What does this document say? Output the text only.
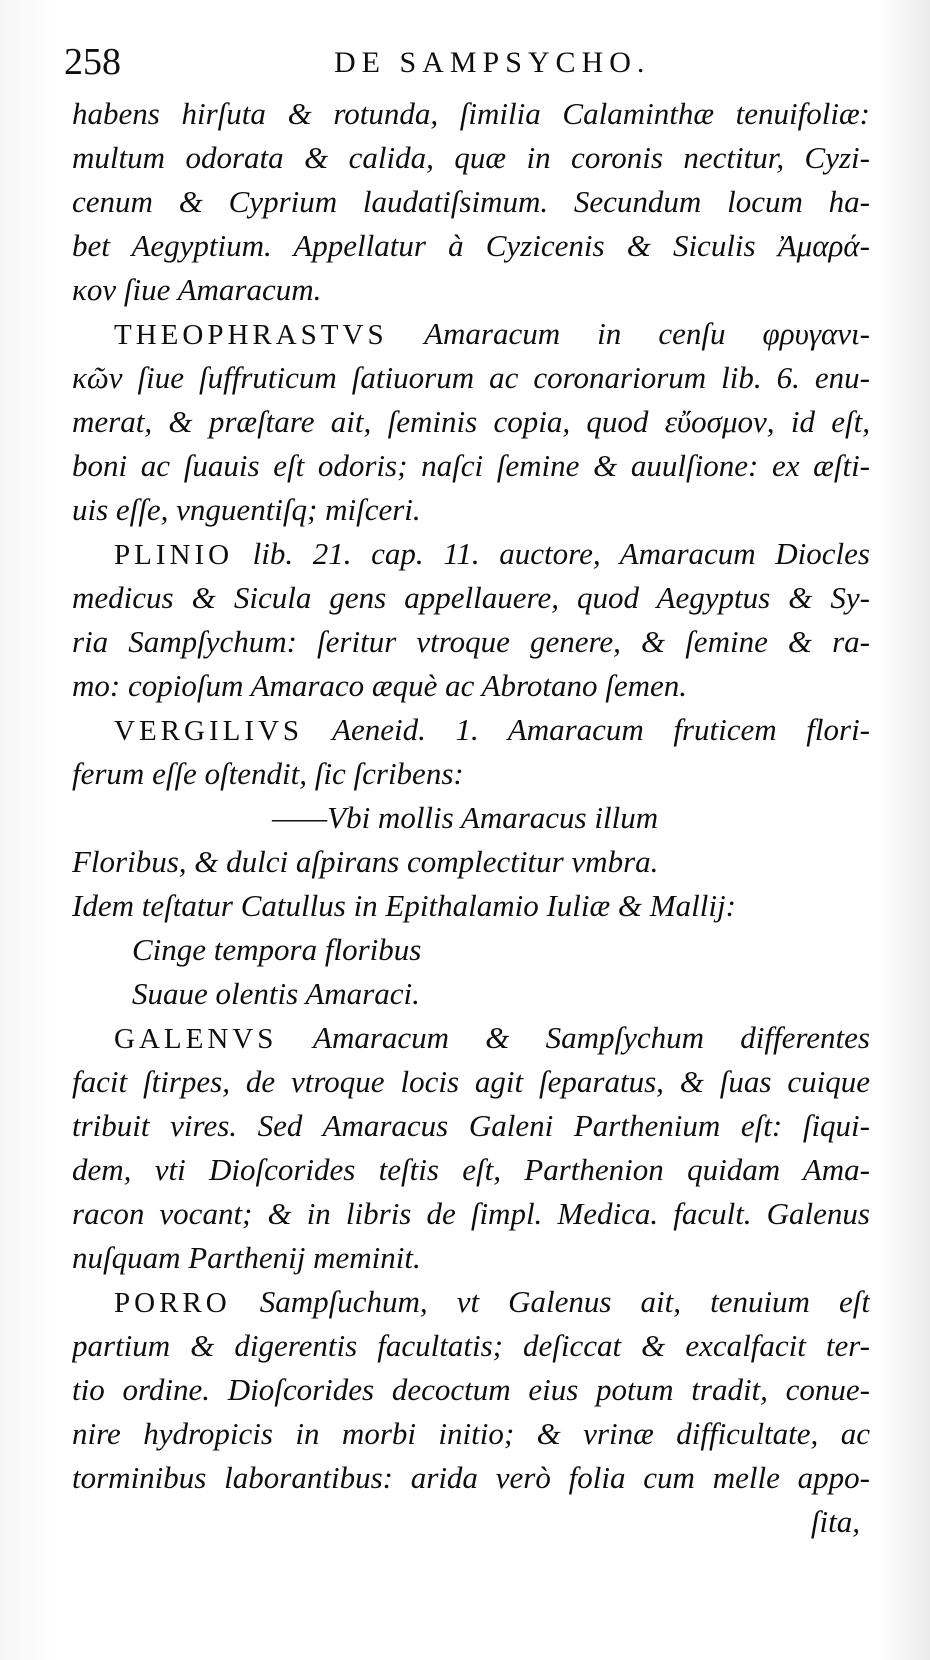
258	DE SAMPSYCHO.
habens hirſuta & rotunda, ſimilia Calaminthæ tenuifoliæ:
multum odorata & calida, quæ in coronis nectitur, Cyzi-
cenum & Cyprium laudatiſsimum. Secundum locum ha-
bet Aegyptium. Appellatur à Cyzicenis & Siculis Ἀμαρά-
κον ſiue Amaracum.
THEOPHRASTVS Amaracum in cenſu φρυγανι-
κῶν ſiue ſuffruticum ſatiuorum ac coronariorum lib. 6. enu-
merat, & præſtare ait, ſeminis copia, quod εὔοσμον, id eſt,
boni ac ſuauis eſt odoris; naſci ſemine & auulſione: ex æſti-
uis eſſe, vnguentiſq; miſceri.
PLINIO lib. 21. cap. 11. auctore, Amaracum Diocles
medicus & Sicula gens appellauere, quod Aegyptus & Sy-
ria Sampſychum: ſeritur vtroque genere, & ſemine & ra-
mo: copioſum Amaraco æquè ac Abrotano ſemen.
VERGILIVS Aeneid. 1. Amaracum fruticem flori-
ferum eſſe oſtendit, ſic ſcribens:
——Vbi mollis Amaracus illum
Floribus, & dulci aſpirans complectitur vmbra.
Idem teſtatur Catullus in Epithalamio Iuliæ & Mallij:
Cinge tempora floribus
Suaue olentis Amaraci.
GALENVS Amaracum & Sampſychum differentes
facit ſtirpes, de vtroque locis agit ſeparatus, & ſuas cuique
tribuit vires. Sed Amaracus Galeni Parthenium eſt: ſiqui-
dem, vti Dioſcorides teſtis eſt, Parthenion quidam Ama-
racon vocant; & in libris de ſimpl. Medica. facult. Galenus
nuſquam Parthenij meminit.
PORRO Sampſuchum, vt Galenus ait, tenuium eſt
partium & digerentis facultatis; deſiccat & excalfacit ter-
tio ordine. Dioſcorides decoctum eius potum tradit, conue-
nire hydropicis in morbi initio; & vrinæ difficultate, ac
torminibus laborantibus: arida verò folia cum melle appo-
ſita,
